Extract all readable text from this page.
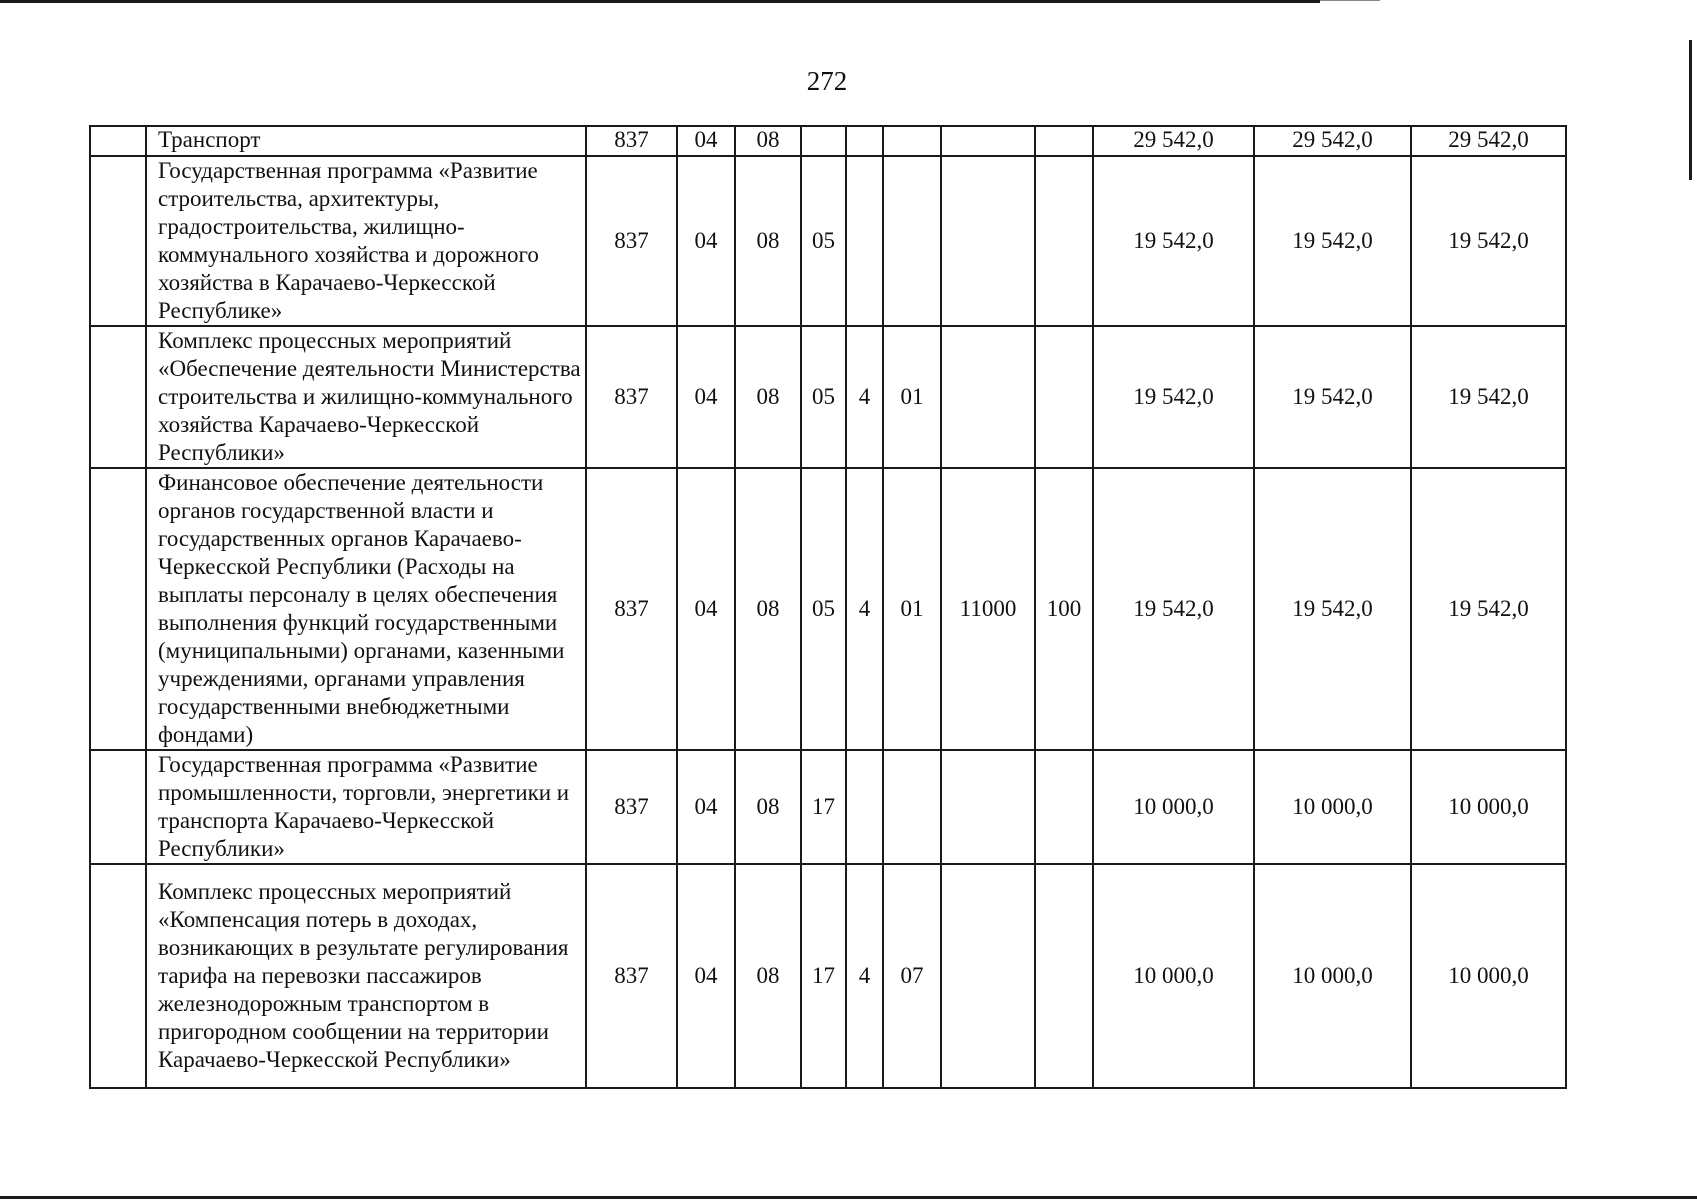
272
	Транспорт	837	04	08						29 542,0	29 542,0	29 542,0
	Государственная программа «Развитие строительства, архитектуры, градостроительства, жилищно-коммунального хозяйства и дорожного хозяйства в Карачаево-Черкесской Республике»	837	04	08	05					19 542,0	19 542,0	19 542,0
	Комплекс процессных мероприятий «Обеспечение деятельности Министерства строительства и жилищно-коммунального хозяйства Карачаево-Черкесской Республики»	837	04	08	05	4	01			19 542,0	19 542,0	19 542,0
	Финансовое обеспечение деятельности органов государственной власти и государственных органов Карачаево-Черкесской Республики (Расходы на выплаты персоналу в целях обеспечения выполнения функций государственными (муниципальными) органами, казенными учреждениями, органами управления государственными внебюджетными фондами)	837	04	08	05	4	01	11000	100	19 542,0	19 542,0	19 542,0
	Государственная программа «Развитие промышленности, торговли, энергетики и транспорта Карачаево-Черкесской Республики»	837	04	08	17					10 000,0	10 000,0	10 000,0
	Комплекс процессных мероприятий «Компенсация потерь в доходах, возникающих в результате регулирования тарифа на перевозки пассажиров железнодорожным транспортом в пригородном сообщении на территории Карачаево-Черкесской Республики»	837	04	08	17	4	07			10 000,0	10 000,0	10 000,0
